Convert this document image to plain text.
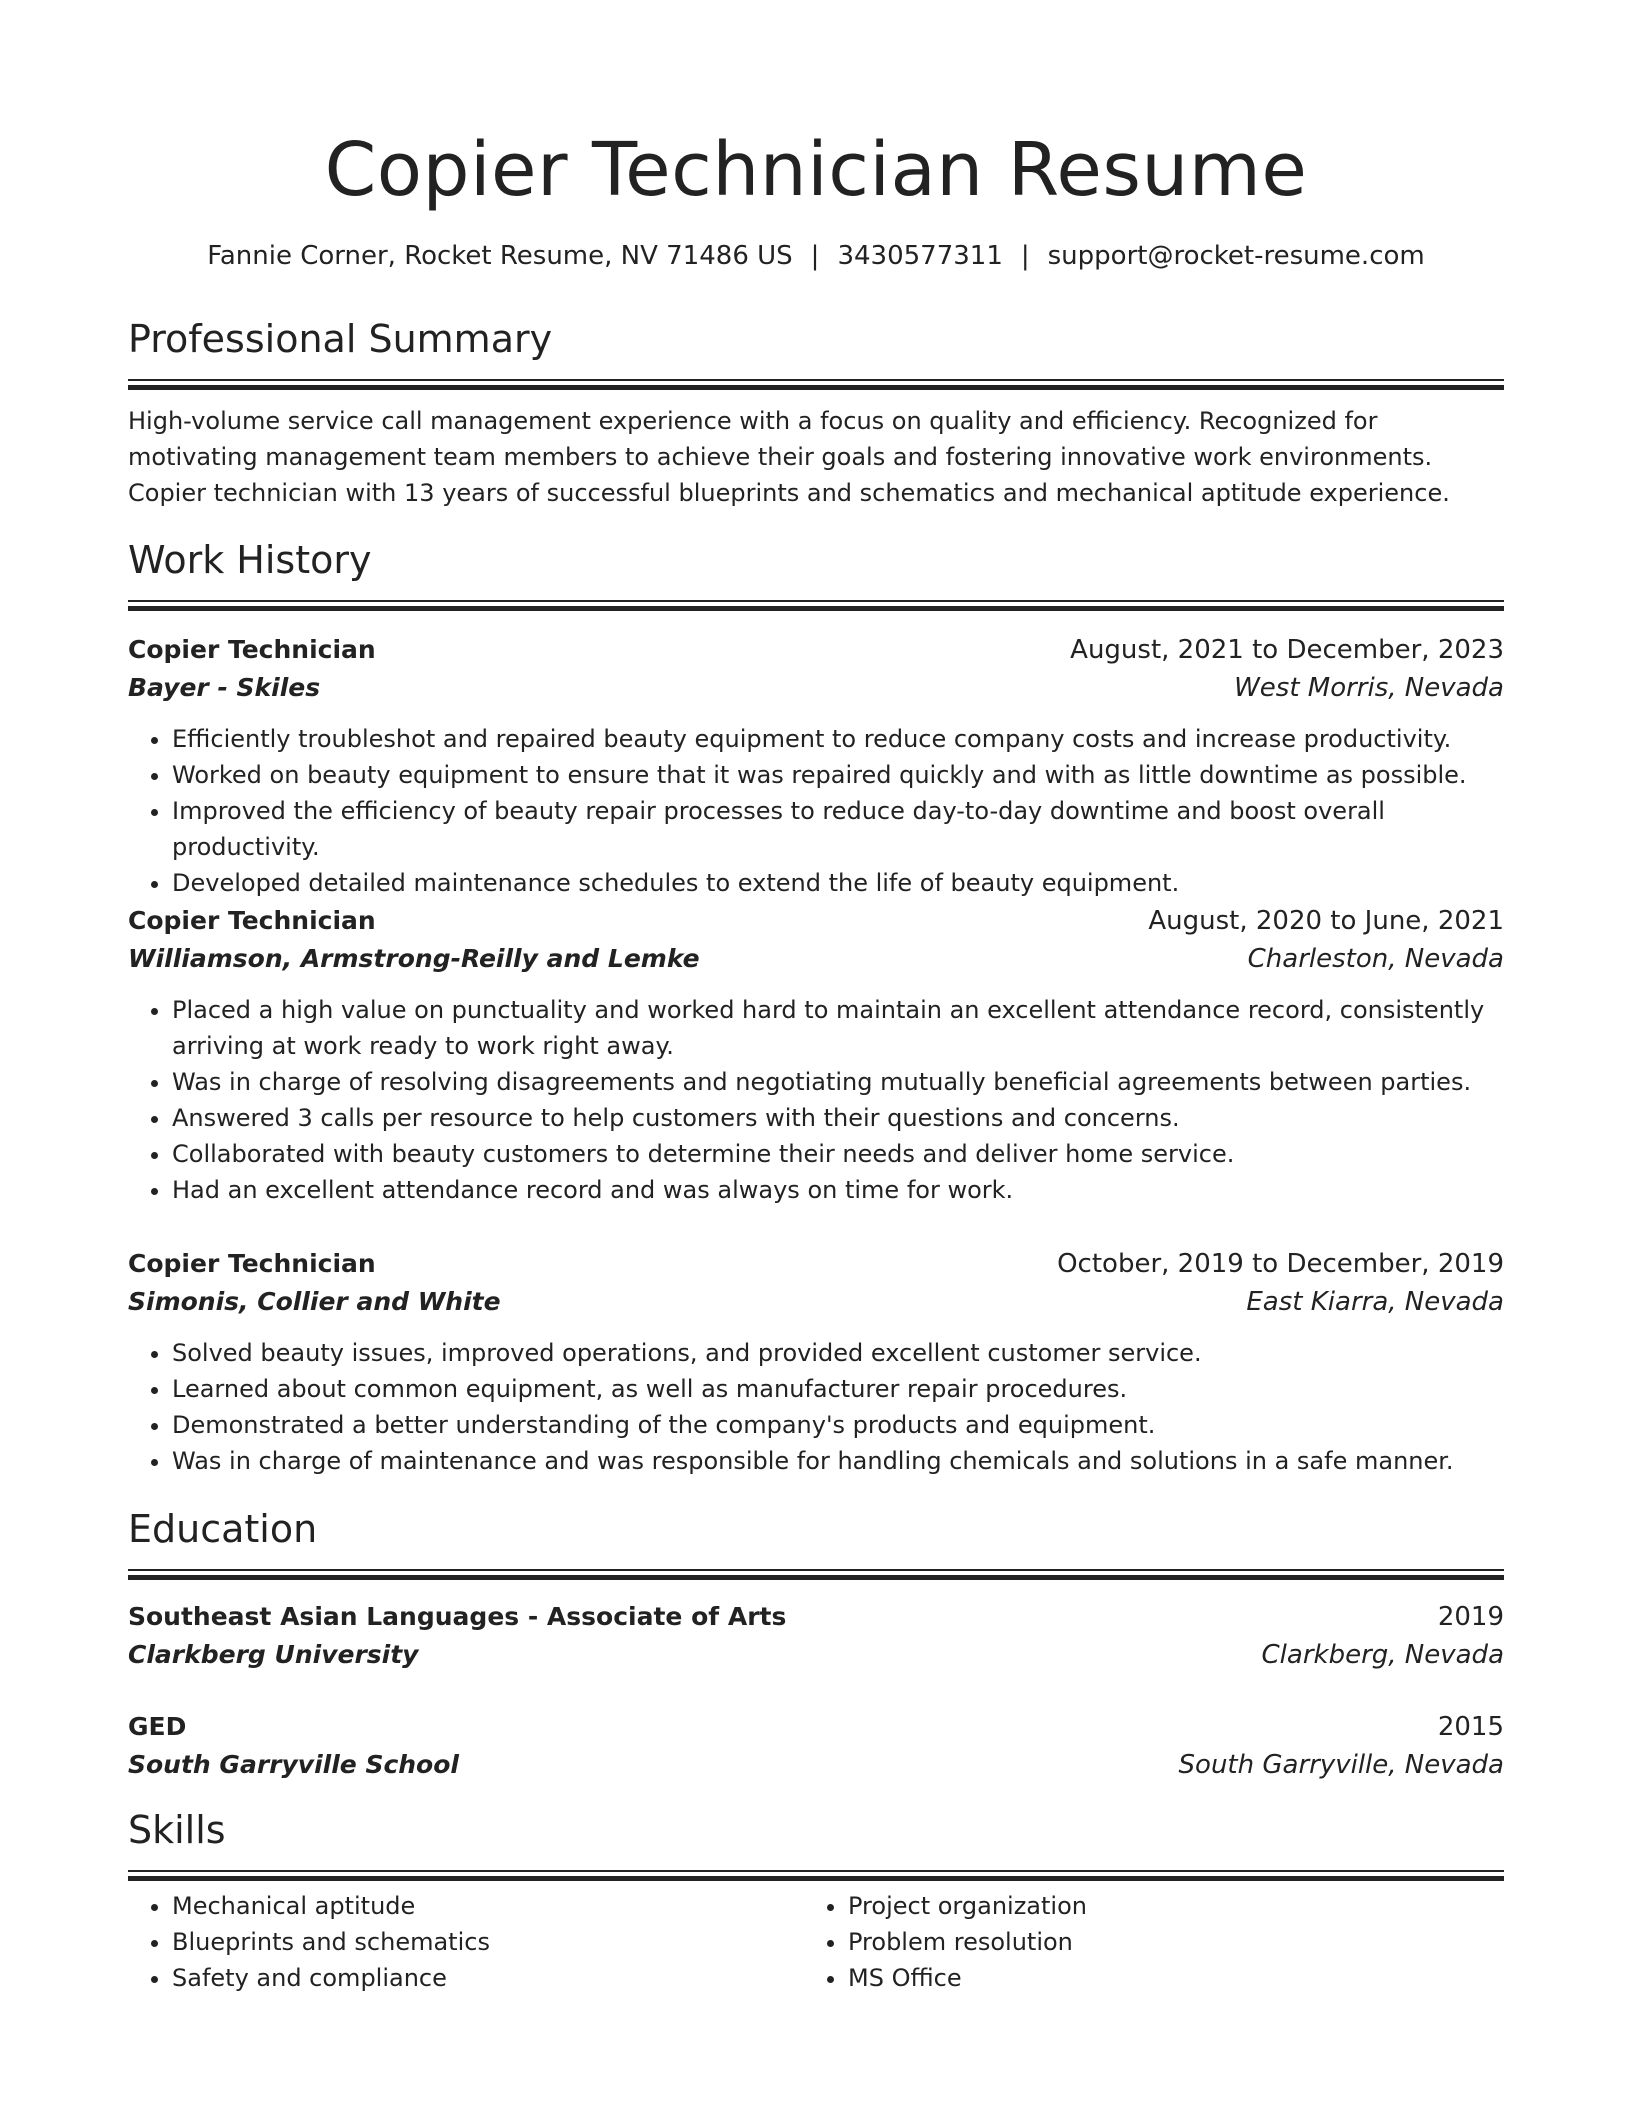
Copier Technician Resume
Fannie Corner, Rocket Resume, NV 71486 US | 3430577311 | support@rocket-resume.com
Professional Summary
High-volume service call management experience with a focus on quality and efficiency. Recognized for motivating management team members to achieve their goals and fostering innovative work environments. Copier technician with 13 years of successful blueprints and schematics and mechanical aptitude experience.
Work History
Copier Technician	August, 2021 to December, 2023
Bayer - Skiles	West Morris, Nevada
• Efficiently troubleshot and repaired beauty equipment to reduce company costs and increase productivity.
• Worked on beauty equipment to ensure that it was repaired quickly and with as little downtime as possible.
• Improved the efficiency of beauty repair processes to reduce day-to-day downtime and boost overall productivity.
• Developed detailed maintenance schedules to extend the life of beauty equipment.
Copier Technician	August, 2020 to June, 2021
Williamson, Armstrong-Reilly and Lemke	Charleston, Nevada
• Placed a high value on punctuality and worked hard to maintain an excellent attendance record, consistently arriving at work ready to work right away.
• Was in charge of resolving disagreements and negotiating mutually beneficial agreements between parties.
• Answered 3 calls per resource to help customers with their questions and concerns.
• Collaborated with beauty customers to determine their needs and deliver home service.
• Had an excellent attendance record and was always on time for work.
Copier Technician	October, 2019 to December, 2019
Simonis, Collier and White	East Kiarra, Nevada
• Solved beauty issues, improved operations, and provided excellent customer service.
• Learned about common equipment, as well as manufacturer repair procedures.
• Demonstrated a better understanding of the company's products and equipment.
• Was in charge of maintenance and was responsible for handling chemicals and solutions in a safe manner.
Education
Southeast Asian Languages - Associate of Arts	2019
Clarkberg University	Clarkberg, Nevada
GED	2015
South Garryville School	South Garryville, Nevada
Skills
• Mechanical aptitude
• Blueprints and schematics
• Safety and compliance
• Project organization
• Problem resolution
• MS Office
